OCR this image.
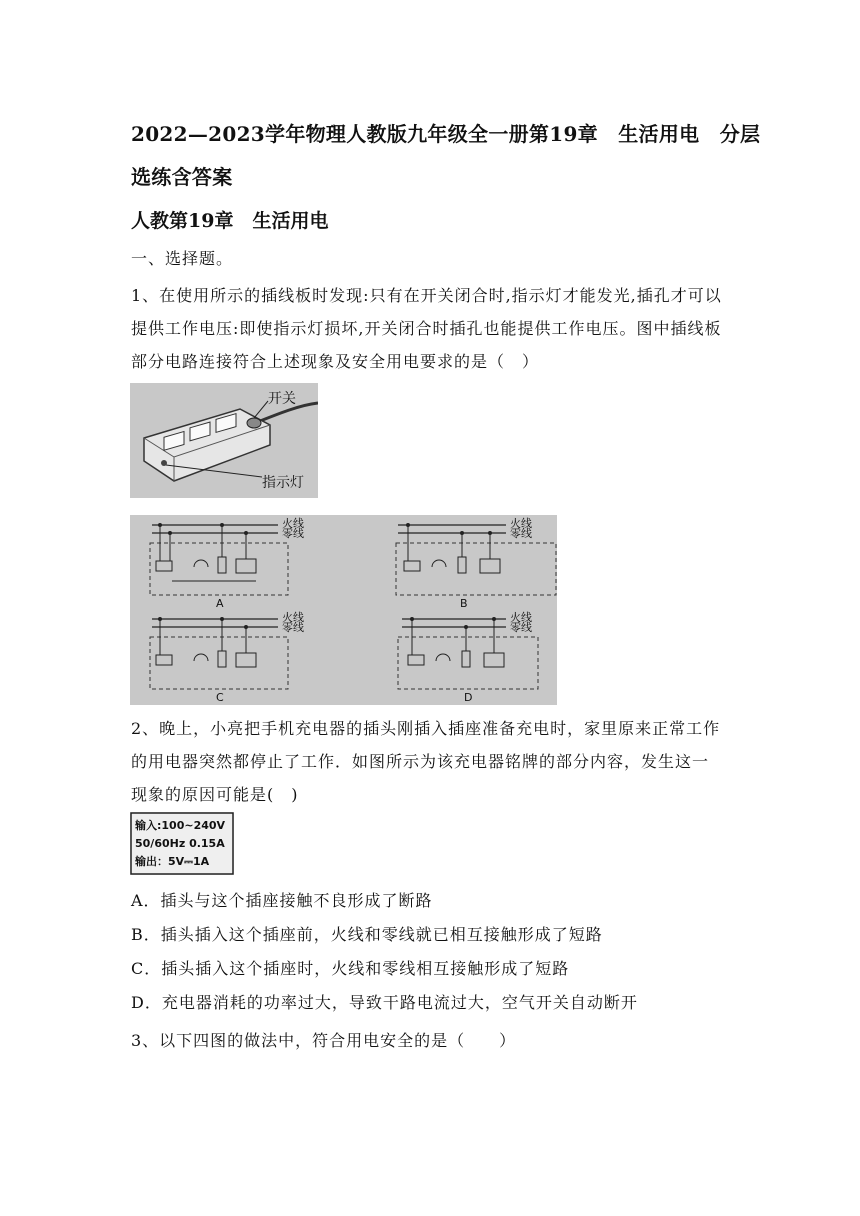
2022—2023学年物理人教版九年级全一册第19章　生活用电　分层
选练含答案
人教第19章　生活用电
一、选择题。
1、在使用所示的插线板时发现:只有在开关闭合时,指示灯才能发光,插孔才可以
提供工作电压:即使指示灯损坏,开关闭合时插孔也能提供工作电压。图中插线板
部分电路连接符合上述现象及安全用电要求的是（　）
开关
指示灯
火线
零线
A
火线
零线
B
火线
零线
C
火线
零线
D
2、晚上，小亮把手机充电器的插头刚插入插座准备充电时，家里原来正常工作
的用电器突然都停止了工作．如图所示为该充电器铭牌的部分内容，发生这一
现象的原因可能是(　)
输入:100~240V
50/60Hz 0.15A
输出：5V⎓1A
A．插头与这个插座接触不良形成了断路
B．插头插入这个插座前，火线和零线就已相互接触形成了短路
C．插头插入这个插座时，火线和零线相互接触形成了短路
D．充电器消耗的功率过大，导致干路电流过大，空气开关自动断开
3、以下四图的做法中，符合用电安全的是（　　）
